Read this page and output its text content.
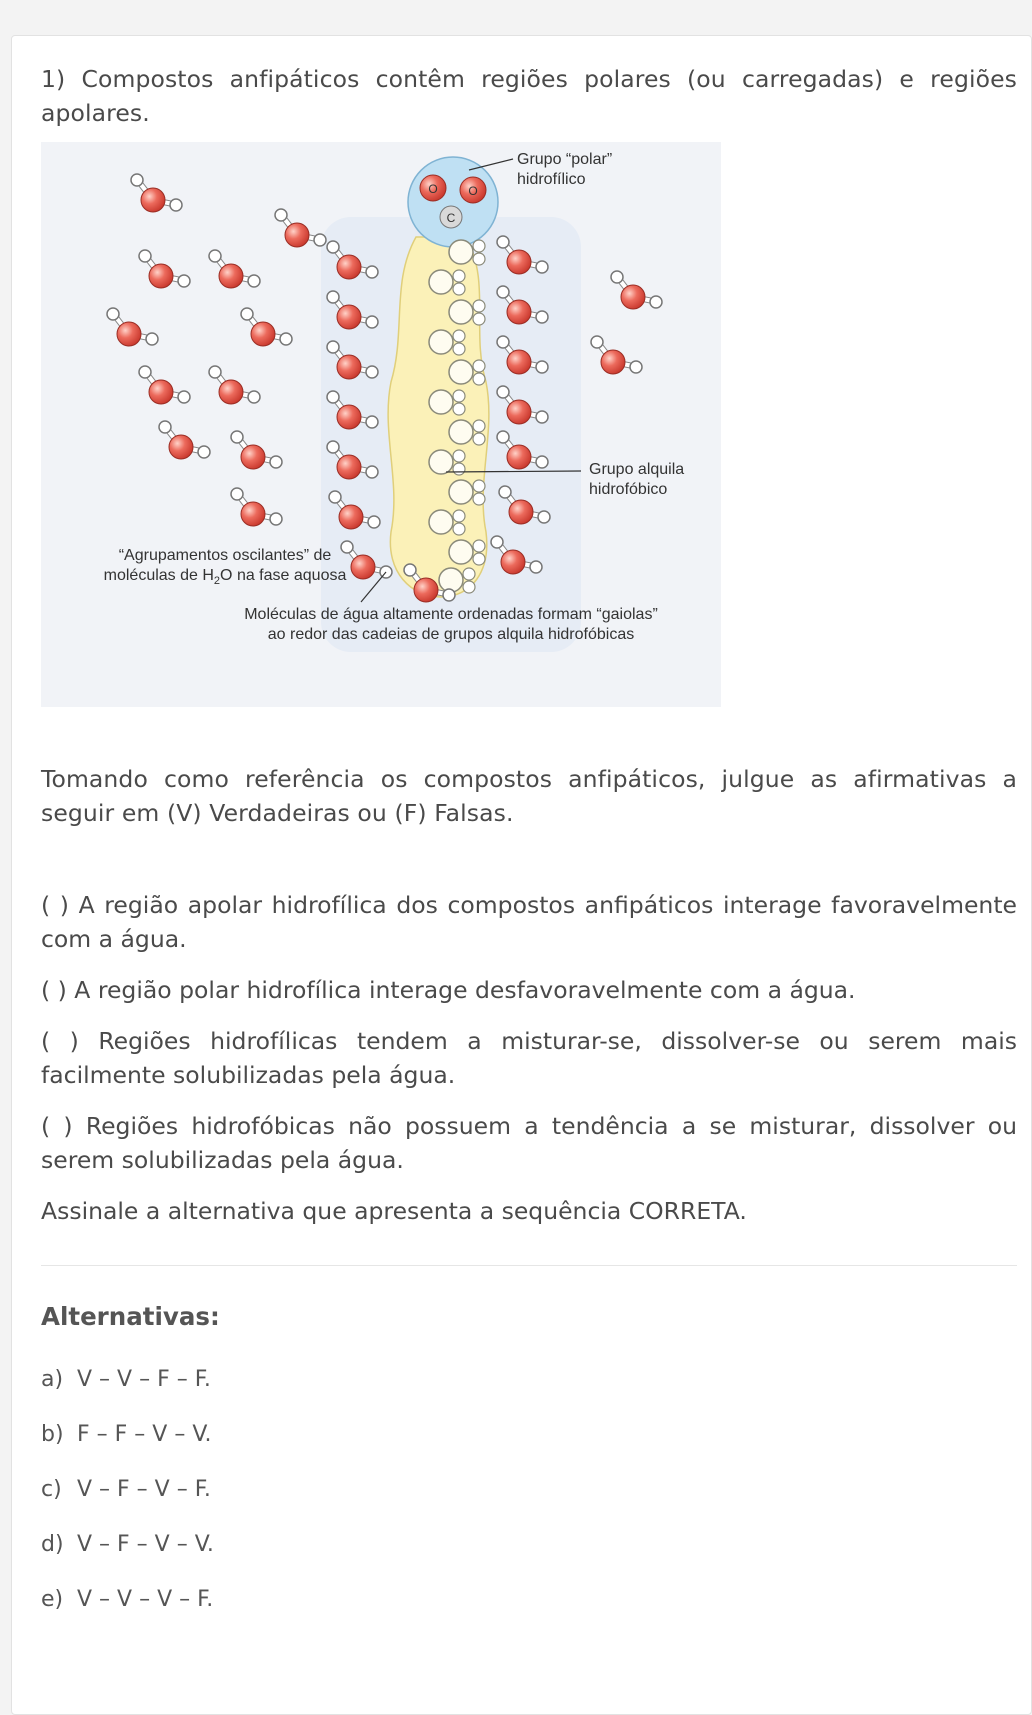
1) Compostos anfipáticos contêm regiões polares (ou carregadas) e regiões apolares.

O	O
C
Grupo “polar”
hidrofílico
Grupo alquila
hidrofóbico
“Agrupamentos oscilantes” de
moléculas de $H_2O$ na fase aquosa
Moléculas de água altamente ordenadas formam “gaiolas”
ao redor das cadeias de grupos alquila hidrofóbicas

Tomando como referência os compostos anfipáticos, julgue as afirmativas a seguir em (V) Verdadeiras ou (F) Falsas.

( ) A região apolar hidrofílica dos compostos anfipáticos interage favoravelmente com a água.

( ) A região polar hidrofílica interage desfavoravelmente com a água.

( ) Regiões hidrofílicas tendem a misturar-se, dissolver-se ou serem mais facilmente solubilizadas pela água.

( ) Regiões hidrofóbicas não possuem a tendência a se misturar, dissolver ou serem solubilizadas pela água.

Assinale a alternativa que apresenta a sequência CORRETA.

Alternativas:
a) V – V – F – F.
b) F – F – V – V.
c) V – F – V – F.
d) V – F – V – V.
e) V – V – V – F.
